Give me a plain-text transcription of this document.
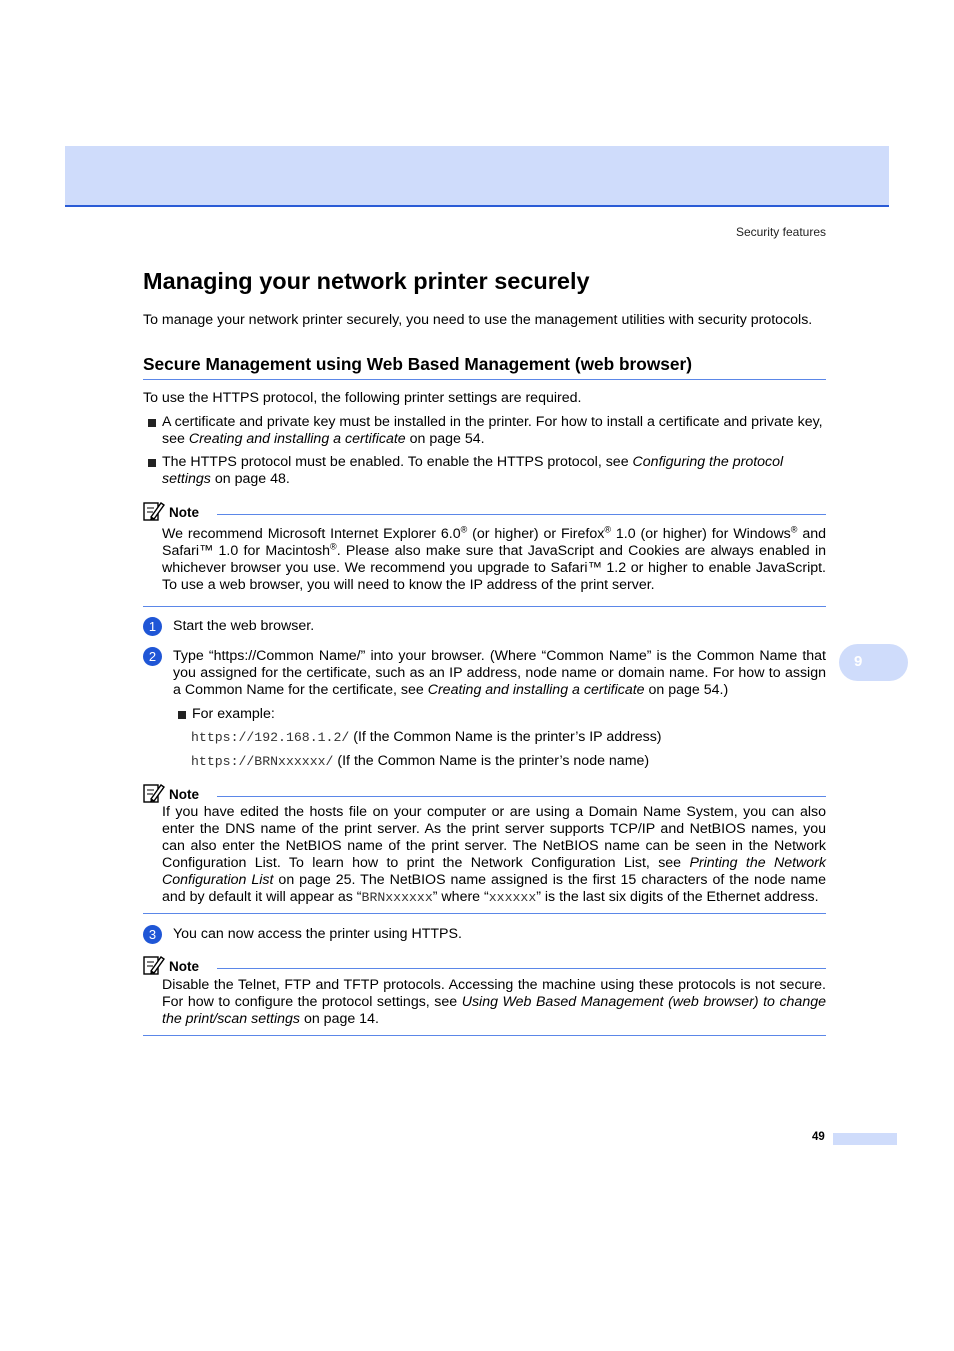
Security features
9
Managing your network printer securely
To manage your network printer securely, you need to use the management utilities with security protocols.
Secure Management using Web Based Management (web browser)
To use the HTTPS protocol, the following printer settings are required.
A certificate and private key must be installed in the printer. For how to install a certificate and private key, see Creating and installing a certificate on page 54.
The HTTPS protocol must be enabled. To enable the HTTPS protocol, see Configuring the protocol settings on page 48.
Note
We recommend Microsoft Internet Explorer 6.0® (or higher) or Firefox® 1.0 (or higher) for Windows® and Safari™ 1.0 for Macintosh®. Please also make sure that JavaScript and Cookies are always enabled in whichever browser you use. We recommend you upgrade to Safari™ 1.2 or higher to enable JavaScript. To use a web browser, you will need to know the IP address of the print server.
1	Start the web browser.
2	Type “https://Common Name/” into your browser. (Where “Common Name” is the Common Name that you assigned for the certificate, such as an IP address, node name or domain name. For how to assign a Common Name for the certificate, see Creating and installing a certificate on page 54.)
For example:
https://192.168.1.2/ (If the Common Name is the printer’s IP address)
https://BRNxxxxxx/ (If the Common Name is the printer’s node name)
Note
If you have edited the hosts file on your computer or are using a Domain Name System, you can also enter the DNS name of the print server. As the print server supports TCP/IP and NetBIOS names, you can also enter the NetBIOS name of the print server. The NetBIOS name can be seen in the Network Configuration List. To learn how to print the Network Configuration List, see Printing the Network Configuration List on page 25. The NetBIOS name assigned is the first 15 characters of the node name and by default it will appear as “BRNxxxxxx” where “xxxxxx” is the last six digits of the Ethernet address.
3	You can now access the printer using HTTPS.
Note
Disable the Telnet, FTP and TFTP protocols. Accessing the machine using these protocols is not secure. For how to configure the protocol settings, see Using Web Based Management (web browser) to change the print/scan settings on page 14.
49
